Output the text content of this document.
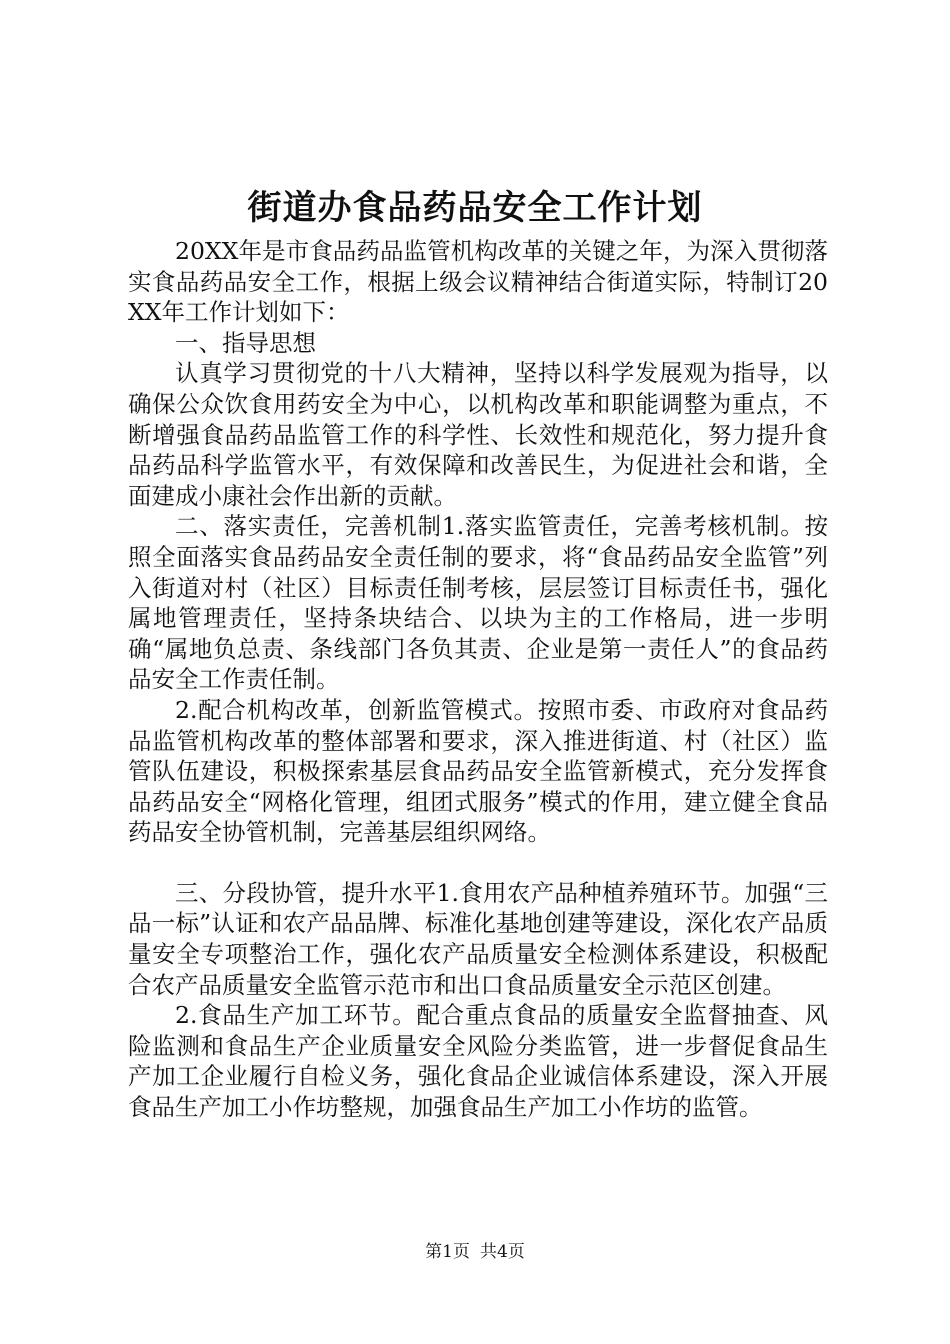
街道办食品药品安全工作计划

20XX年是市食品药品监管机构改革的关键之年，为深入贯彻落实食品药品安全工作，根据上级会议精神结合街道实际，特制订20XX年工作计划如下：

一、指导思想

认真学习贯彻党的十八大精神，坚持以科学发展观为指导，以确保公众饮食用药安全为中心，以机构改革和职能调整为重点，不断增强食品药品监管工作的科学性、长效性和规范化，努力提升食品药品科学监管水平，有效保障和改善民生，为促进社会和谐，全面建成小康社会作出新的贡献。

二、落实责任，完善机制1.落实监管责任，完善考核机制。按照全面落实食品药品安全责任制的要求，将“食品药品安全监管”列入街道对村（社区）目标责任制考核，层层签订目标责任书，强化属地管理责任，坚持条块结合、以块为主的工作格局，进一步明确“属地负总责、条线部门各负其责、企业是第一责任人”的食品药品安全工作责任制。

2.配合机构改革，创新监管模式。按照市委、市政府对食品药品监管机构改革的整体部署和要求，深入推进街道、村（社区）监管队伍建设，积极探索基层食品药品安全监管新模式，充分发挥食品药品安全“网格化管理，组团式服务”模式的作用，建立健全食品药品安全协管机制，完善基层组织网络。

三、分段协管，提升水平1.食用农产品种植养殖环节。加强“三品一标”认证和农产品品牌、标准化基地创建等建设，深化农产品质量安全专项整治工作，强化农产品质量安全检测体系建设，积极配合农产品质量安全监管示范市和出口食品质量安全示范区创建。

2.食品生产加工环节。配合重点食品的质量安全监督抽查、风险监测和食品生产企业质量安全风险分类监管，进一步督促食品生产加工企业履行自检义务，强化食品企业诚信体系建设，深入开展食品生产加工小作坊整规，加强食品生产加工小作坊的监管。

第1页 共4页
